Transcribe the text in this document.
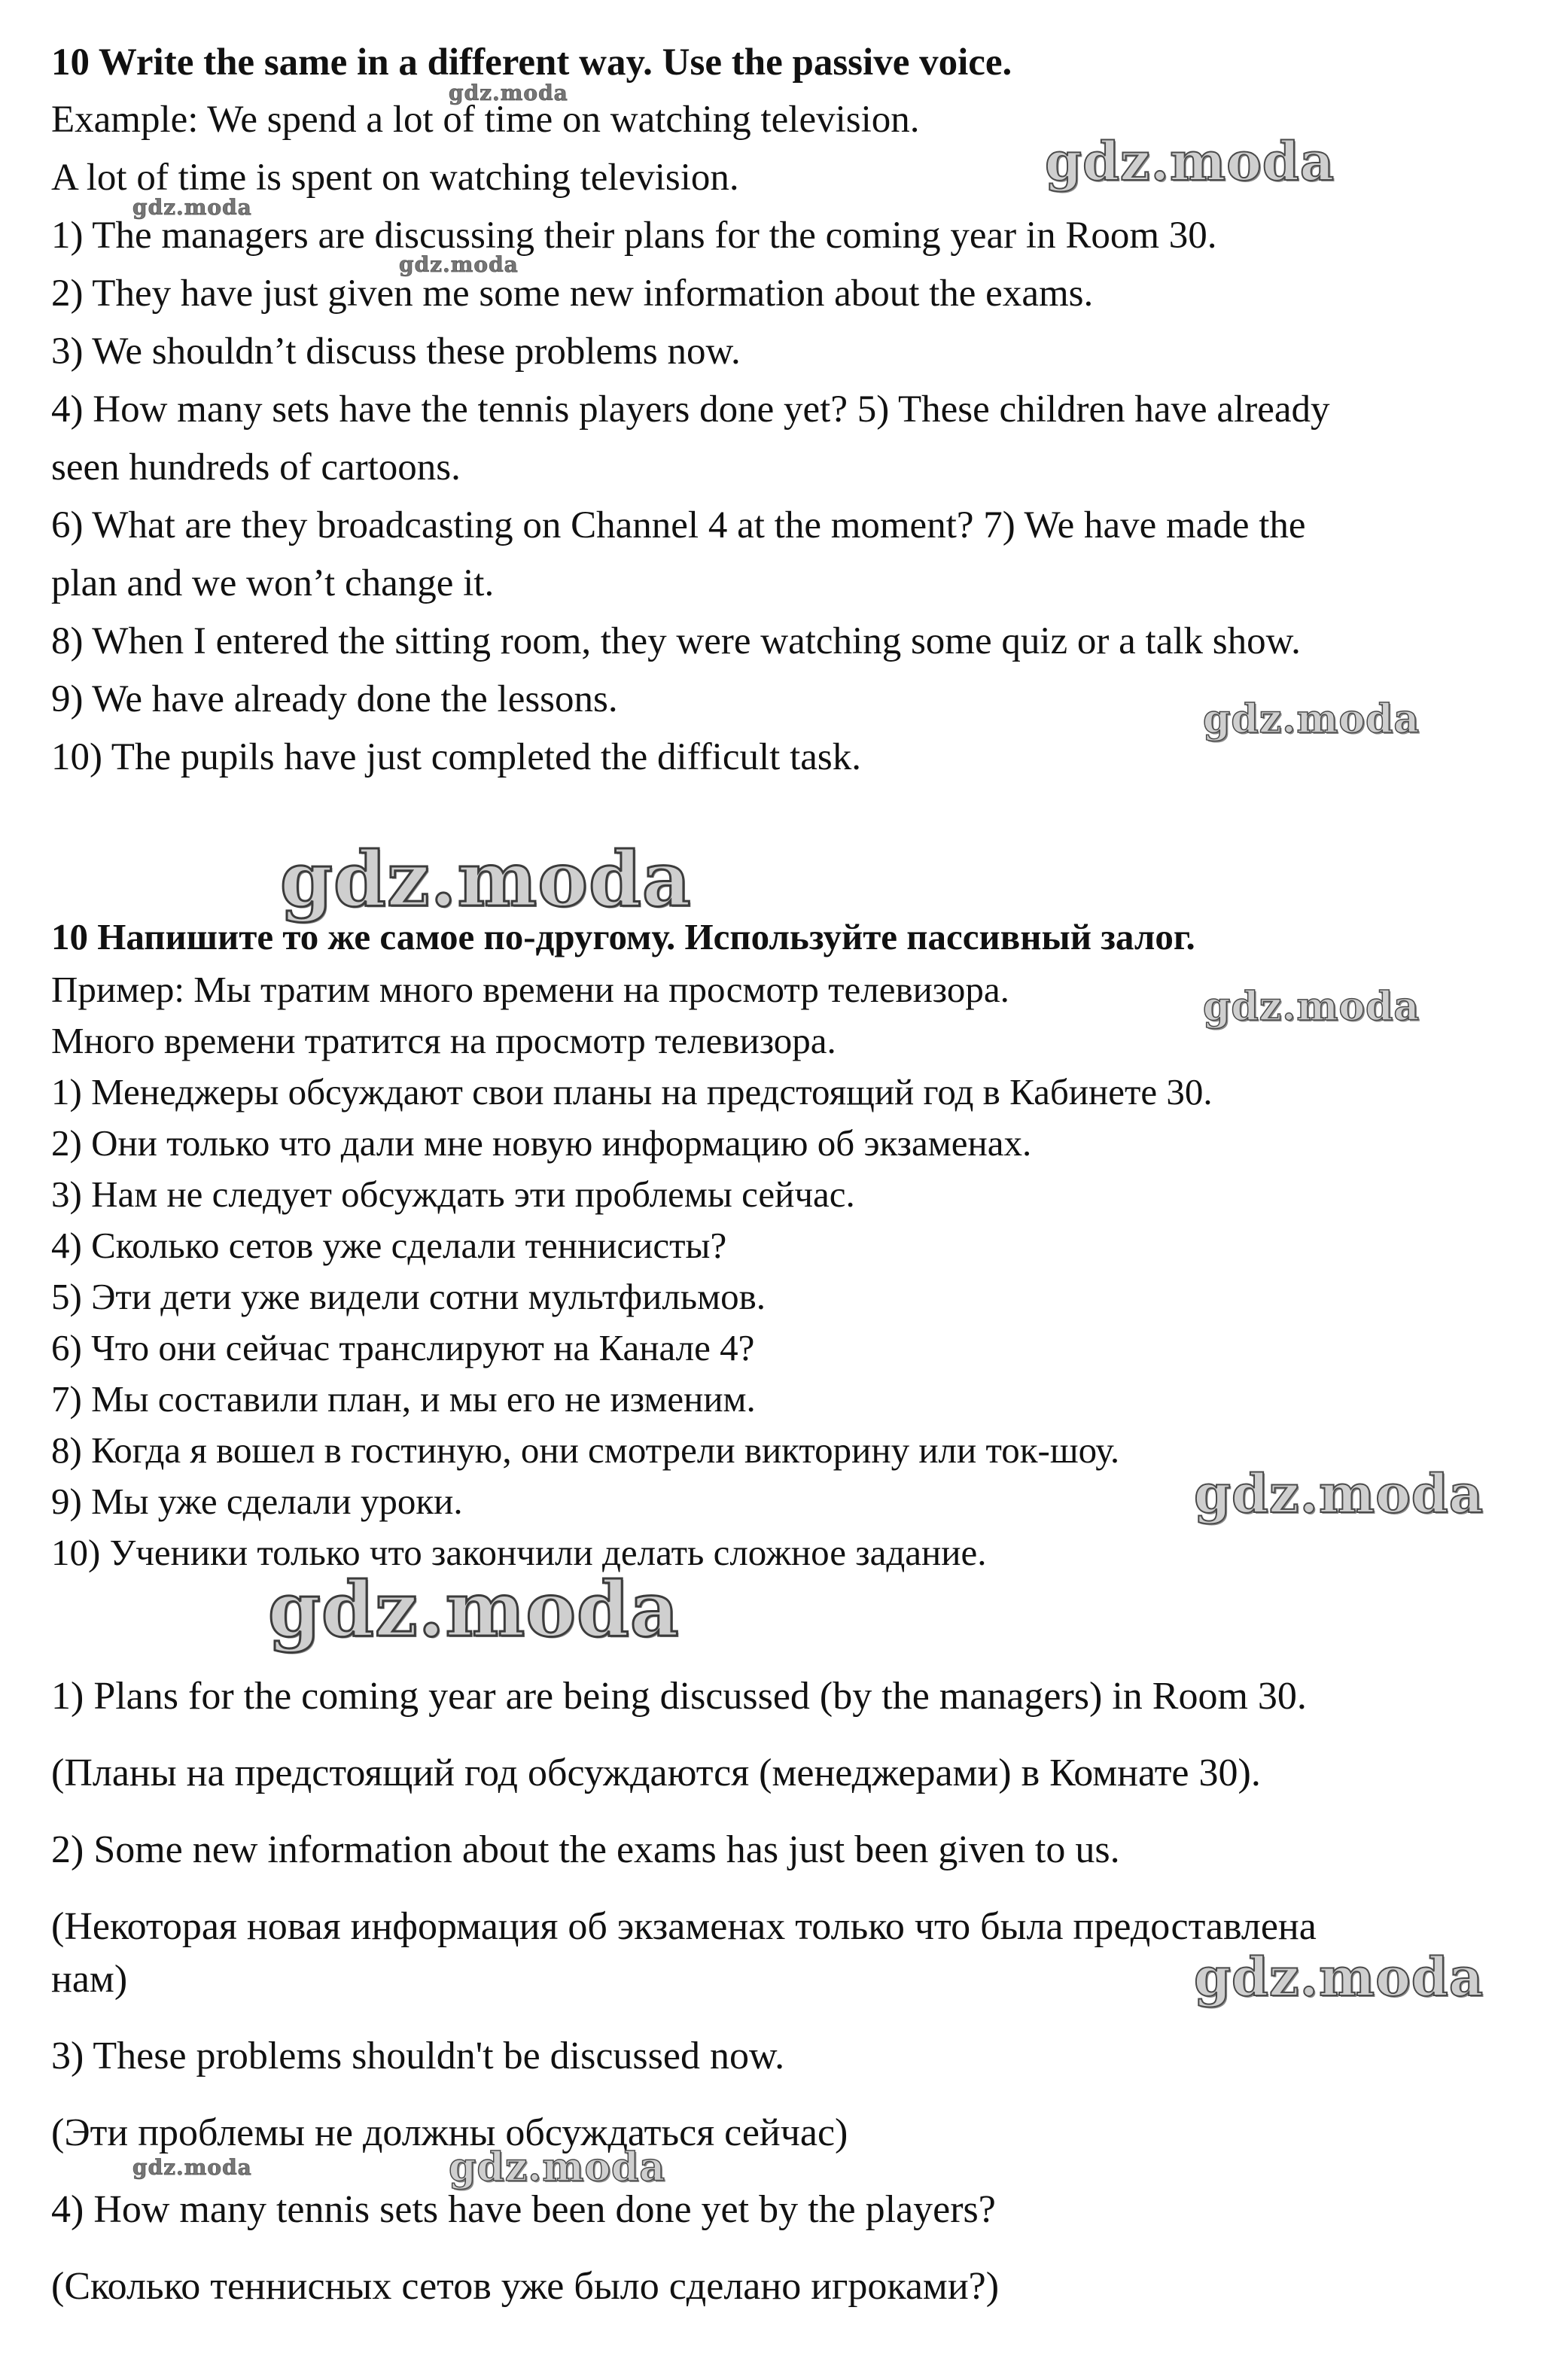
10 Write the same in a different way. Use the passive voice.
Example: We spend a lot of time on watching television.
A lot of time is spent on watching television.
1) The managers are discussing their plans for the coming year in Room 30.
2) They have just given me some new information about the exams.
3) We shouldn’t discuss these problems now.
4) How many sets have the tennis players done yet? 5) These children have already
seen hundreds of cartoons.
6) What are they broadcasting on Channel 4 at the moment? 7) We have made the
plan and we won’t change it.
8) When I entered the sitting room, they were watching some quiz or a talk show.
9) We have already done the lessons.
10) The pupils have just completed the difficult task.
10 Напишите то же самое по-другому. Используйте пассивный залог.
Пример: Мы тратим много времени на просмотр телевизора.
Много времени тратится на просмотр телевизора.
1) Менеджеры обсуждают свои планы на предстоящий год в Кабинете 30.
2) Они только что дали мне новую информацию об экзаменах.
3) Нам не следует обсуждать эти проблемы сейчас.
4) Сколько сетов уже сделали теннисисты?
5) Эти дети уже видели сотни мультфильмов.
6) Что они сейчас транслируют на Канале 4?
7) Мы составили план, и мы его не изменим.
8) Когда я вошел в гостиную, они смотрели викторину или ток-шоу.
9) Мы уже сделали уроки.
10) Ученики только что закончили делать сложное задание.
1) Plans for the coming year are being discussed (by the managers) in Room 30.
(Планы на предстоящий год обсуждаются (менеджерами) в Комнате 30).
2) Some new information about the exams has just been given to us.
(Некоторая новая информация об экзаменах только что была предоставлена
нам)
3) These problems shouldn't be discussed now.
(Эти проблемы не должны обсуждаться сейчас)
4) How many tennis sets have been done yet by the players?
(Сколько теннисных сетов уже было сделано игроками?)
gdz.moda
gdz.moda
gdz.moda
gdz.moda
gdz.moda
gdz.moda
gdz.moda
gdz.moda
gdz.moda
gdz.moda
gdz.moda	gdz.moda
